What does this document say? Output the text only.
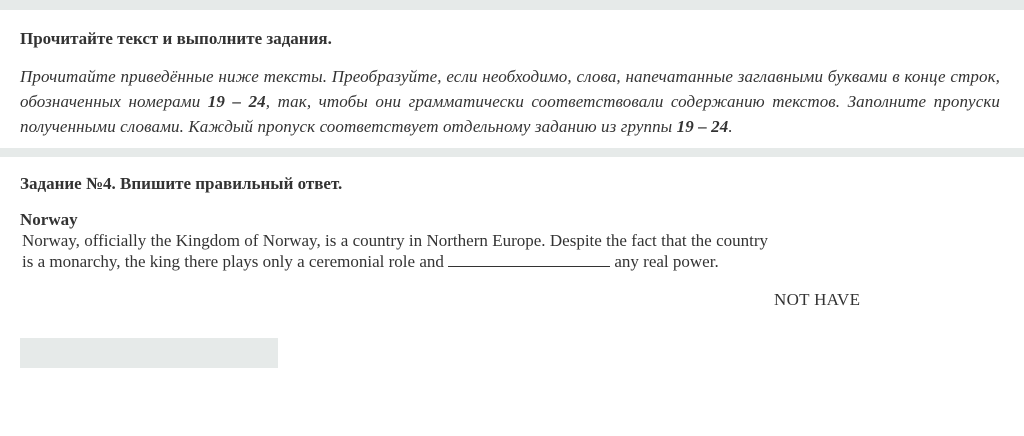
Прочитайте текст и выполните задания.
Прочитайте приведённые ниже тексты. Преобразуйте, если необходимо, слова, напечатанные заглавными буквами в конце строк, обозначенных номерами 19 – 24, так, чтобы они грамматически соответствовали содержанию текстов. Заполните пропуски полученными словами. Каждый пропуск соответствует отдельному заданию из группы 19 – 24.
Задание №4. Впишите правильный ответ.
Norway
Norway, officially the Kingdom of Norway, is a country in Northern Europe. Despite the fact that the country is a monarchy, the king there plays only a ceremonial role and	any real power.
NOT HAVE
